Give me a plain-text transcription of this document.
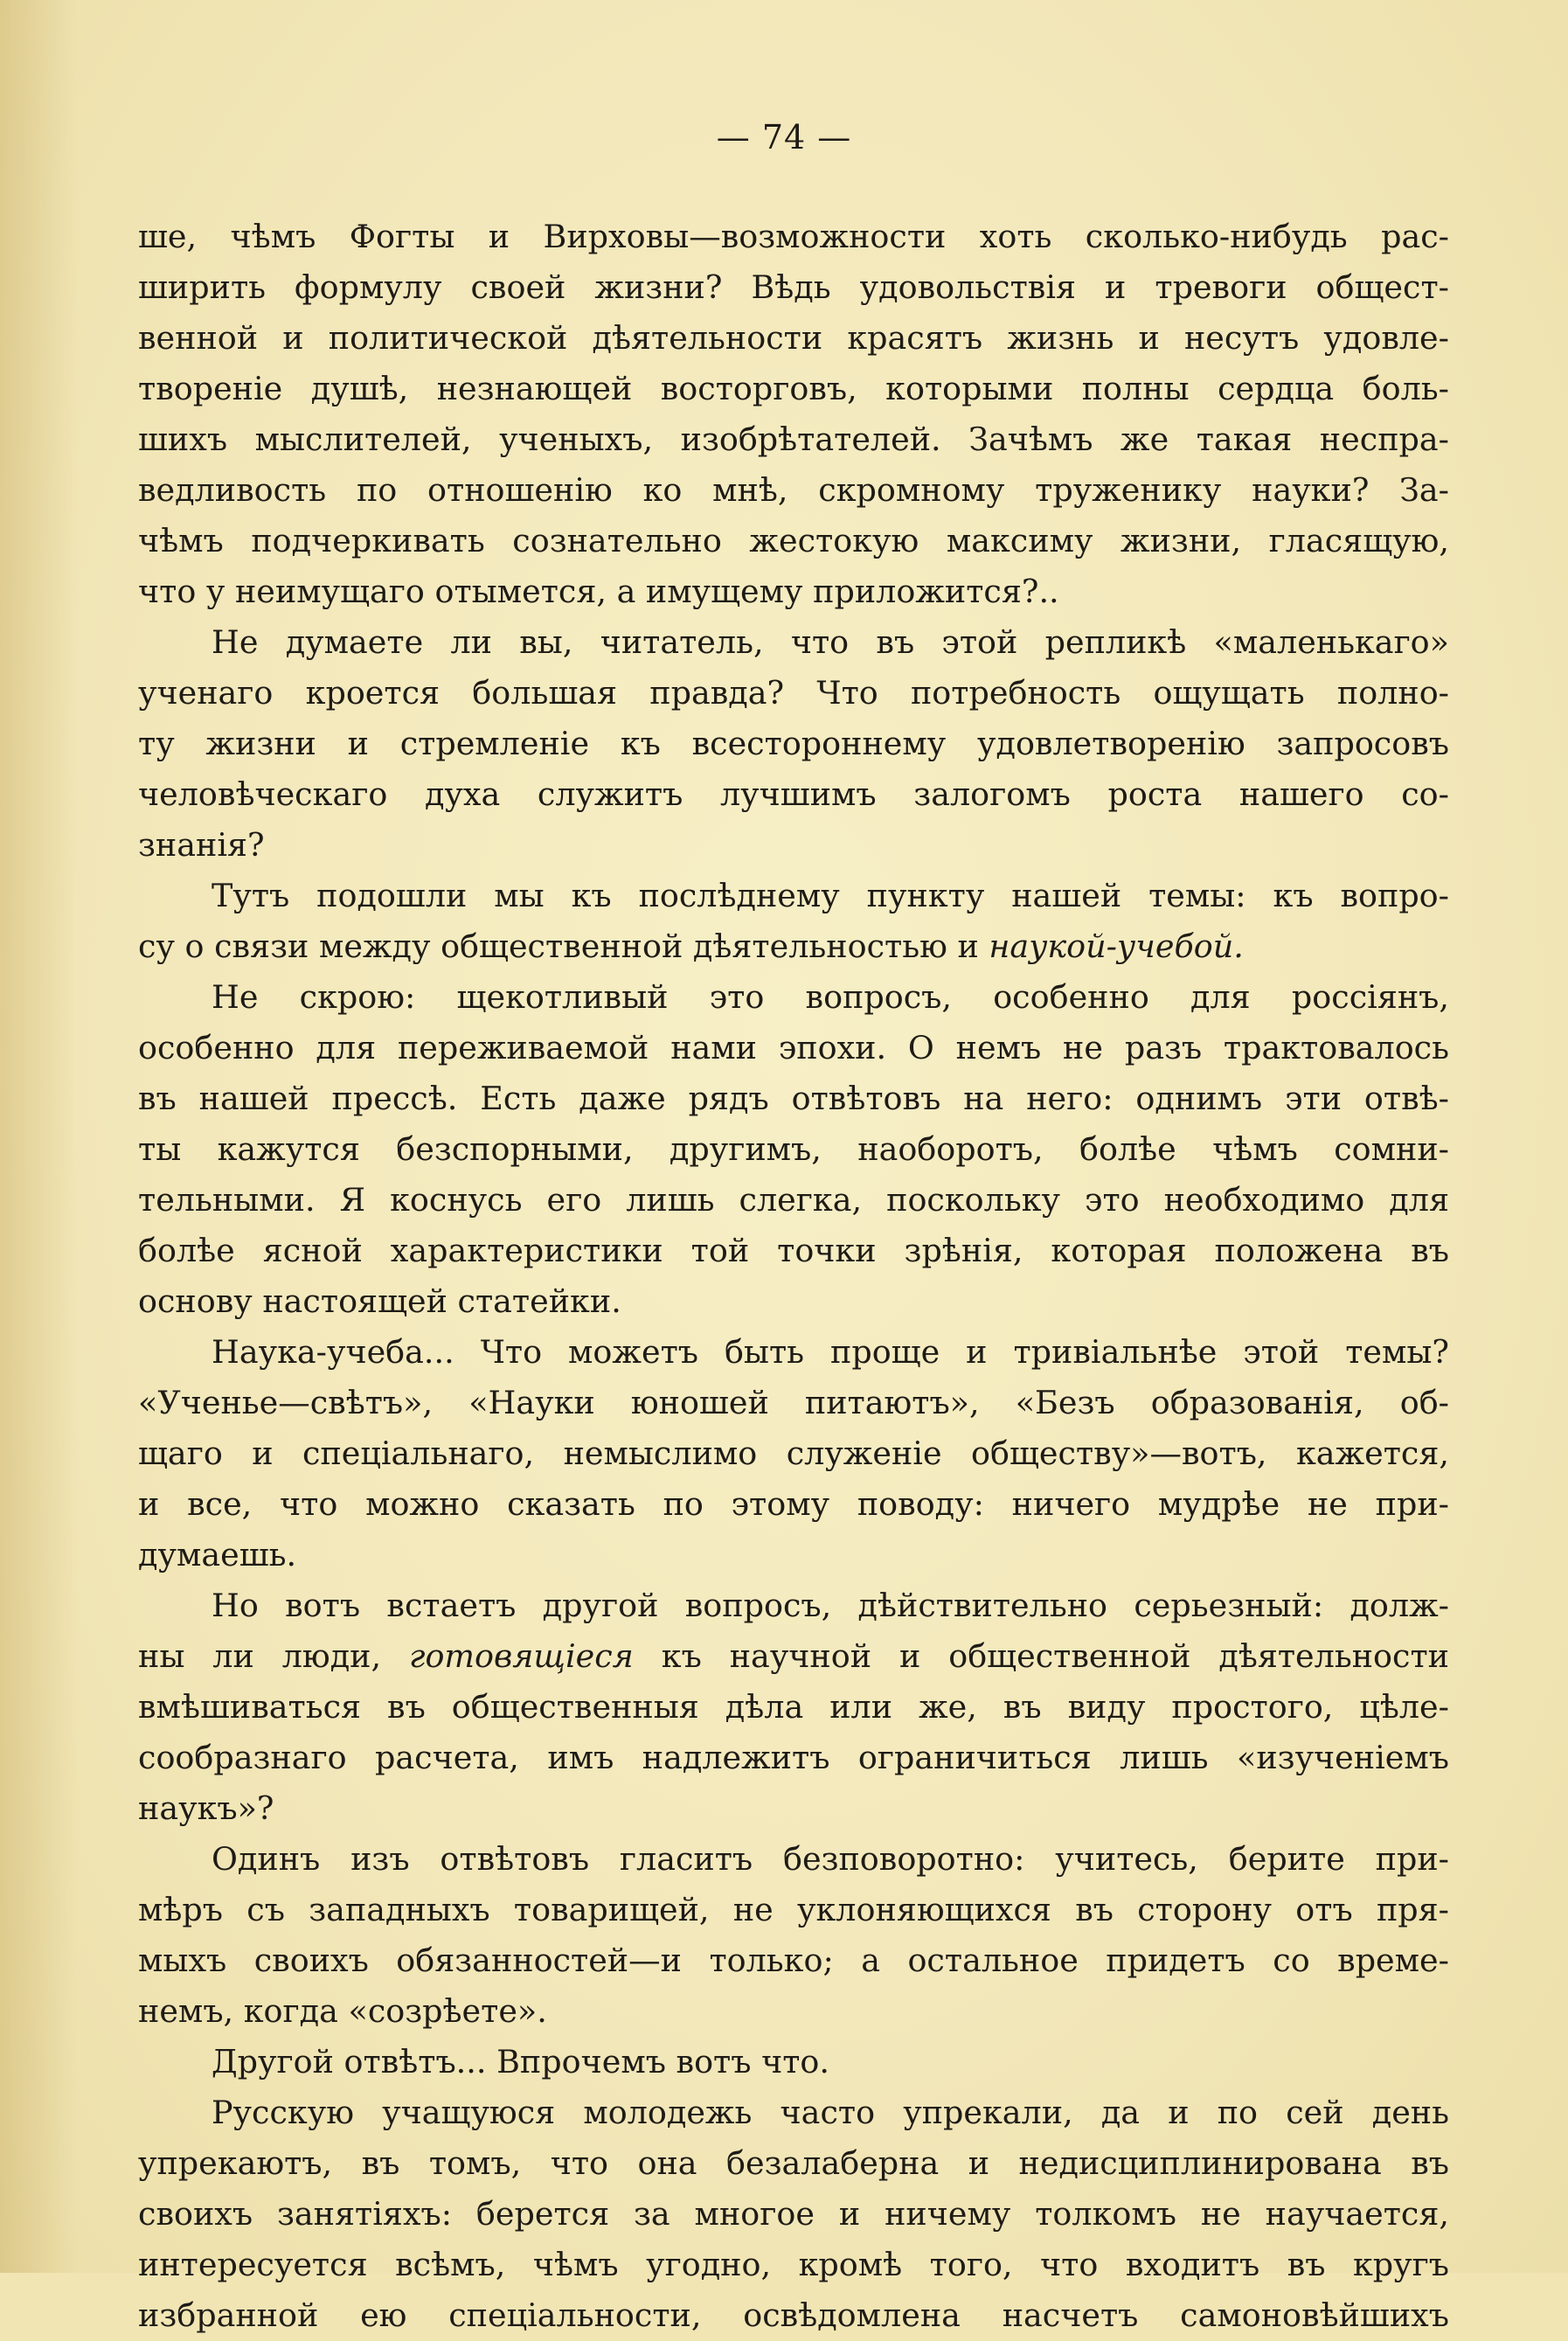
— 74 —
ше, чѣмъ Фогты и Вирховы—возможности хоть сколько-нибудь рас-
ширить формулу своей жизни? Вѣдь удовольствія и тревоги общест-
венной и политической дѣятельности красятъ жизнь и несутъ удовле-
твореніе душѣ, незнающей восторговъ, которыми полны сердца боль-
шихъ мыслителей, ученыхъ, изобрѣтателей. Зачѣмъ же такая неспра-
ведливость по отношенію ко мнѣ, скромному труженику науки? За-
чѣмъ подчеркивать сознательно жестокую максиму жизни, гласящую,
что у неимущаго отымется, а имущему приложится?..
Не думаете ли вы, читатель, что въ этой репликѣ «маленькаго»
ученаго кроется большая правда? Что потребность ощущать полно-
ту жизни и стремленіе къ всестороннему удовлетворенію запросовъ
человѣческаго духа служитъ лучшимъ залогомъ роста нашего со-
знанія?
Тутъ подошли мы къ послѣднему пункту нашей темы: къ вопро-
су о связи между общественной дѣятельностью и наукой-учебой.
Не скрою: щекотливый это вопросъ, особенно для россіянъ,
особенно для переживаемой нами эпохи. О немъ не разъ трактовалось
въ нашей прессѣ. Есть даже рядъ отвѣтовъ на него: однимъ эти отвѣ-
ты кажутся безспорными, другимъ, наоборотъ, болѣе чѣмъ сомни-
тельными. Я коснусь его лишь слегка, поскольку это необходимо для
болѣе ясной характеристики той точки зрѣнія, которая положена въ
основу настоящей статейки.
Наука-учеба... Что можетъ быть проще и тривіальнѣе этой темы?
«Ученье—свѣтъ», «Науки юношей питаютъ», «Безъ образованія, об-
щаго и спеціальнаго, немыслимо служеніе обществу»—вотъ, кажется,
и все, что можно сказать по этому поводу: ничего мудрѣе не при-
думаешь.
Но вотъ встаетъ другой вопросъ, дѣйствительно серьезный: долж-
ны ли люди, готовящіеся къ научной и общественной дѣятельности
вмѣшиваться въ общественныя дѣла или же, въ виду простого, цѣле-
сообразнаго расчета, имъ надлежитъ ограничиться лишь «изученіемъ
наукъ»?
Одинъ изъ отвѣтовъ гласитъ безповоротно: учитесь, берите при-
мѣръ съ западныхъ товарищей, не уклоняющихся въ сторону отъ пря-
мыхъ своихъ обязанностей—и только; а остальное придетъ со време-
немъ, когда «созрѣете».
Другой отвѣтъ... Впрочемъ вотъ что.
Русскую учащуюся молодежь часто упрекали, да и по сей день
упрекаютъ, въ томъ, что она безалаберна и недисциплинирована въ
своихъ занятіяхъ: берется за многое и ничему толкомъ не научается,
интересуется всѣмъ, чѣмъ угодно, кромѣ того, что входитъ въ кругъ
избранной ею спеціальности, освѣдомлена насчетъ самоновѣйшихъ
